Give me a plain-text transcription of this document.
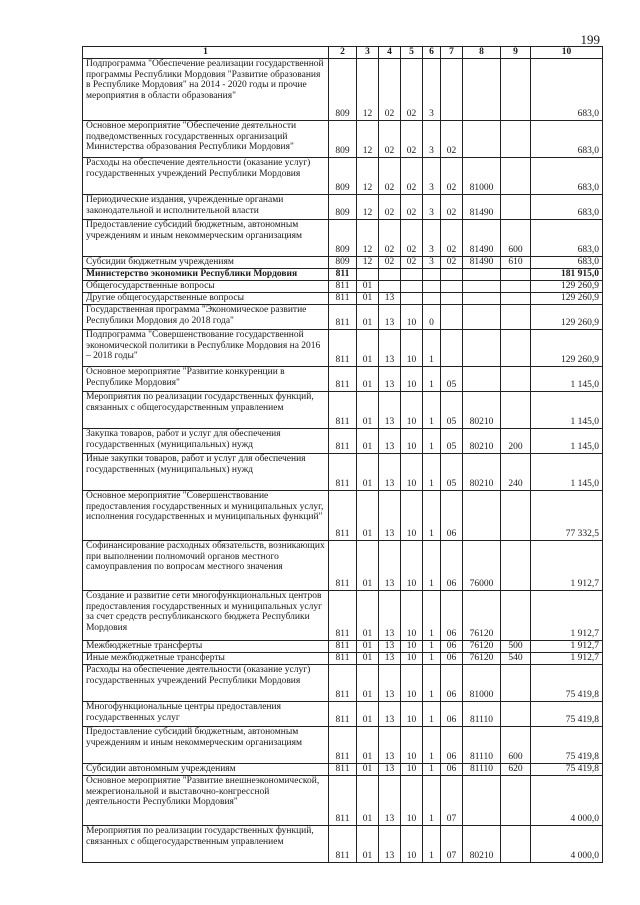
199
1	2	3	4	5	6	7	8	9	10
Подпрограмма "Обеспечение реализации государственной программы Республики Мордовия "Развитие образования в Республике Мордовия" на 2014 - 2020 годы и прочие мероприятия в области образования"	809	12	02	02	3				683,0
Основное мероприятие "Обеспечение деятельности подведомственных государственных организаций Министерства образования Республики Мордовия"	809	12	02	02	3	02			683,0
Расходы на обеспечение деятельности (оказание услуг) государственных учреждений Республики Мордовия	809	12	02	02	3	02	81000		683,0
Периодические издания, учрежденные органами законодательной и исполнительной власти	809	12	02	02	3	02	81490		683,0
Предоставление субсидий бюджетным, автономным учреждениям и иным некоммерческим организациям	809	12	02	02	3	02	81490	600	683,0
Субсидии бюджетным учреждениям	809	12	02	02	3	02	81490	610	683,0
Министерство экономики Республики Мордовия	811								181 915,0
Общегосударственные вопросы	811	01							129 260,9
Другие общегосударственные вопросы	811	01	13						129 260,9
Государственная программа "Экономическое развитие Республики Мордовия до 2018 года"	811	01	13	10	0				129 260,9
Подпрограмма "Совершенствование государственной экономической политики в Республике Мордовия на 2016 – 2018 годы"	811	01	13	10	1				129 260,9
Основное мероприятие "Развитие конкуренции в Республике Мордовия"	811	01	13	10	1	05			1 145,0
Мероприятия по реализации государственных функций, связанных с общегосударственным управлением	811	01	13	10	1	05	80210		1 145,0
Закупка товаров, работ и услуг для обеспечения государственных (муниципальных) нужд	811	01	13	10	1	05	80210	200	1 145,0
Иные закупки товаров, работ и услуг для обеспечения государственных (муниципальных) нужд	811	01	13	10	1	05	80210	240	1 145,0
Основное мероприятие "Совершенствование предоставления государственных и муниципальных услуг, исполнения государственных и муниципальных функций"	811	01	13	10	1	06			77 332,5
Софинансирование расходных обязательств, возникающих при выполнении полномочий органов местного самоуправления по вопросам местного значения	811	01	13	10	1	06	76000		1 912,7
Создание и развитие сети многофункциональных центров предоставления государственных и муниципальных услуг за счет средств республиканского бюджета Республики Мордовия	811	01	13	10	1	06	76120		1 912,7
Межбюджетные трансферты	811	01	13	10	1	06	76120	500	1 912,7
Иные межбюджетные трансферты	811	01	13	10	1	06	76120	540	1 912,7
Расходы на обеспечение деятельности (оказание услуг) государственных учреждений Республики Мордовия	811	01	13	10	1	06	81000		75 419,8
Многофункциональные центры предоставления государственных услуг	811	01	13	10	1	06	81110		75 419,8
Предоставление субсидий бюджетным, автономным учреждениям и иным некоммерческим организациям	811	01	13	10	1	06	81110	600	75 419,8
Субсидии автономным учреждениям	811	01	13	10	1	06	81110	620	75 419,8
Основное мероприятие "Развитие внешнеэкономической, межрегиональной и выставочно-конгрессной деятельности Республики Мордовия"	811	01	13	10	1	07			4 000,0
Мероприятия по реализации государственных функций, связанных с общегосударственным управлением	811	01	13	10	1	07	80210		4 000,0
